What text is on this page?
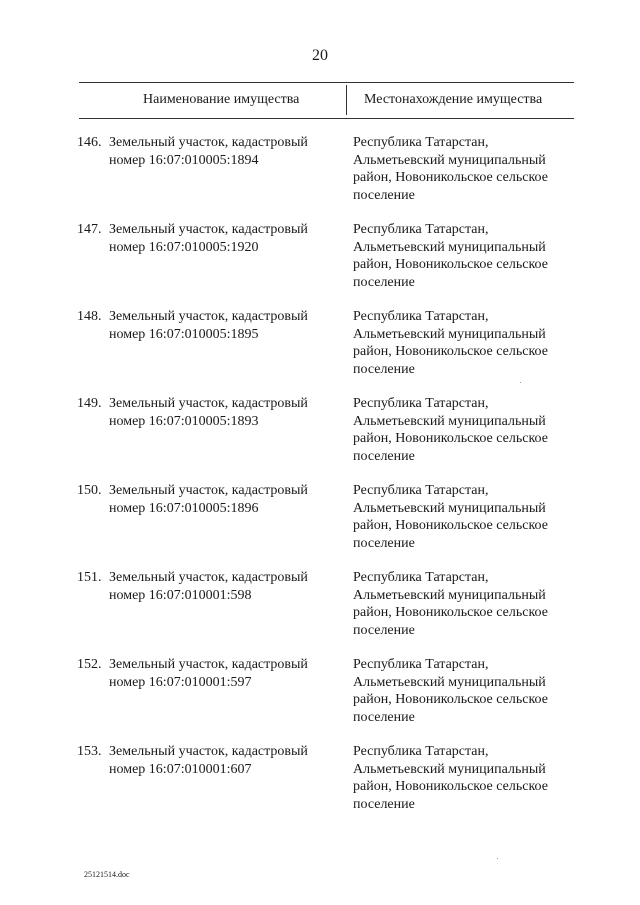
20
Наименование имущества	Местонахождение имущества
146. Земельный участок, кадастровый
номер 16:07:010005:1894
Республика Татарстан,
Альметьевский муниципальный
район, Новоникольское сельское
поселение
147. Земельный участок, кадастровый
номер 16:07:010005:1920
Республика Татарстан,
Альметьевский муниципальный
район, Новоникольское сельское
поселение
148. Земельный участок, кадастровый
номер 16:07:010005:1895
Республика Татарстан,
Альметьевский муниципальный
район, Новоникольское сельское
поселение
149. Земельный участок, кадастровый
номер 16:07:010005:1893
Республика Татарстан,
Альметьевский муниципальный
район, Новоникольское сельское
поселение
150. Земельный участок, кадастровый
номер 16:07:010005:1896
Республика Татарстан,
Альметьевский муниципальный
район, Новоникольское сельское
поселение
151. Земельный участок, кадастровый
номер 16:07:010001:598
Республика Татарстан,
Альметьевский муниципальный
район, Новоникольское сельское
поселение
152. Земельный участок, кадастровый
номер 16:07:010001:597
Республика Татарстан,
Альметьевский муниципальный
район, Новоникольское сельское
поселение
153. Земельный участок, кадастровый
номер 16:07:010001:607
Республика Татарстан,
Альметьевский муниципальный
район, Новоникольское сельское
поселение
25121514.doc
